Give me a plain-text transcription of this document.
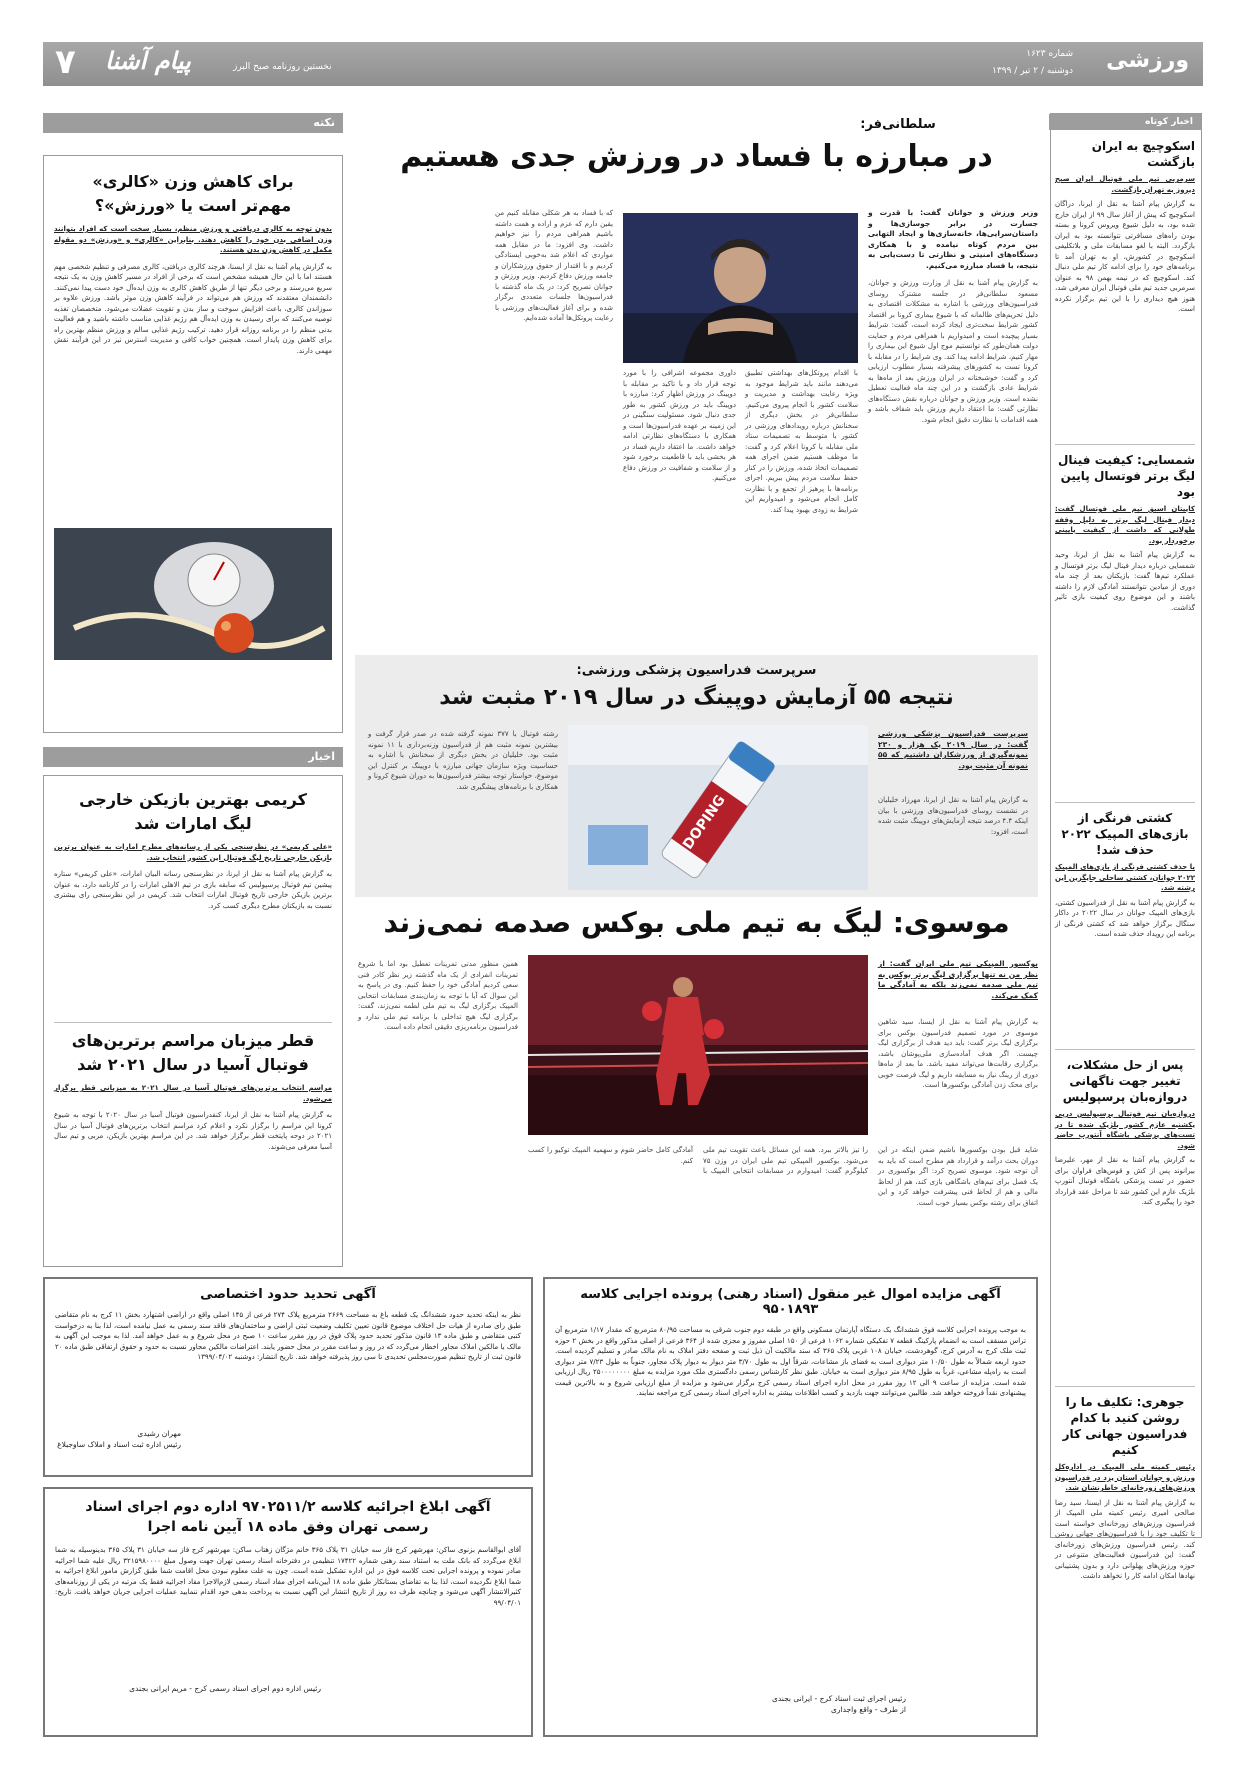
ورزشی
شماره ۱۶۲۳
دوشنبه / ۲ تیر / ۱۳۹۹
۷ پیام آشنا	نخستین روزنامه صبح البرز
اخبار کوتاه
اسکوچیچ به ایران بازگشت
سرمربی تیم ملی فوتبال ایران صبح دیروز به تهران بازگشت.
به گزارش پیام آشنا به نقل از ایرنا، دراگان اسکوچیچ که پیش از آغاز سال ۹۹ از ایران خارج شده بود، به دلیل شیوع ویروس کرونا و بسته بودن راه‌های مسافرتی نتوانسته بود به ایران بازگردد. البته با لغو مسابقات ملی و بلاتکلیفی اسکوچیچ در کشورش، او به تهران آمد تا برنامه‌های خود را برای ادامه کار تیم ملی دنبال کند. اسکوچیچ که در نیمه بهمن ۹۸ به عنوان سرمربی جدید تیم ملی فوتبال ایران معرفی شد، هنوز هیچ دیداری را با این تیم برگزار نکرده است.
شمسایی: کیفیت فینال لیگ برتر فوتسال پایین بود
کاپیتان اسبق تیم ملی فوتسال گفت: دیدار فینال لیگ برتر به دلیل وقفه طولانی که داشت از کیفیت پایینی برخوردار بود.
به گزارش پیام آشنا به نقل از ایرنا، وحید شمسایی درباره دیدار فینال لیگ برتر فوتسال و عملکرد تیم‌ها گفت: بازیکنان بعد از چند ماه دوری از میادین نتوانستند آمادگی لازم را داشته باشند و این موضوع روی کیفیت بازی تاثیر گذاشت.
کشتی فرنگی از بازی‌های المپیک ۲۰۲۲ حذف شد!
با حذف کشتی فرنگی از بازی‌های المپیک ۲۰۲۲ جوانان، کشتی ساحلی جایگزین این رشته شد.
به گزارش پیام آشنا به نقل از فدراسیون کشتی، بازی‌های المپیک جوانان در سال ۲۰۲۲ در داکار سنگال برگزار خواهد شد که کشتی فرنگی از برنامه این رویداد حذف شده است.
پس از حل مشکلات، تغییر جهت ناگهانی دروازه‌بان پرسپولیس
دروازه‌بان تیم فوتبال پرسپولیس درپی یکشنبه عازم کشور بلژیک شده تا در تست‌های پزشکی باشگاه آنتورپ حاضر شود.
به گزارش پیام آشنا به نقل از مهر، علیرضا بیرانوند پس از کش و قوس‌های فراوان برای حضور در تست پزشکی باشگاه فوتبال آنتورپ بلژیک عازم این کشور شد تا مراحل عقد قرارداد خود را پیگیری کند.
جوهری: تکلیف ما را روشن کنید با کدام فدراسیون جهانی کار کنیم
رئیس کمیته ملی المپیک در اداره‌کل ورزش و جوانان استان یزد در فدراسیون ورزش‌های زورخانه‌ای خاطرنشان شد.
به گزارش پیام آشنا به نقل از ایسنا، سید رضا صالحی امیری رئیس کمیته ملی المپیک از فدراسیون ورزش‌های زورخانه‌ای خواسته است تا تکلیف خود را با فدراسیون‌های جهانی روشن کند. رئیس فدراسیون ورزش‌های زورخانه‌ای گفت: این فدراسیون فعالیت‌های متنوعی در حوزه ورزش‌های پهلوانی دارد و بدون پشتیبانی نهادها امکان ادامه کار را نخواهد داشت.
سلطانی‌فر:
در مبارزه با فساد در ورزش جدی هستیم
وزیر ورزش و جوانان گفت: با قدرت و جسارت در برابر جوسازی‌ها و داستان‌سرایی‌ها، خانه‌سازی‌ها و ایجاد التهابی بین مردم کوتاه نیامده و با همکاری دستگاه‌های امنیتی و نظارتی تا دست‌یابی به نتیجه، با فساد مبارزه می‌کنیم.
به گزارش پیام آشنا به نقل از وزارت ورزش و جوانان، مسعود سلطانی‌فر در جلسه مشترک روسای فدراسیون‌های ورزشی با اشاره به مشکلات اقتصادی به دلیل تحریم‌های ظالمانه که با شیوع بیماری کرونا بر اقتصاد کشور شرایط سخت‌تری ایجاد کرده است، گفت: شرایط بسیار پیچیده است و امیدواریم با همراهی مردم و حمایت دولت همان‌طور که توانستیم موج اول شیوع این بیماری را مهار کنیم، شرایط ادامه پیدا کند. وی شرایط را در مقابله با کرونا تست به کشورهای پیشرفته بسیار مطلوب ارزیابی کرد و گفت: خوشبختانه در ایران ورزش بعد از ماه‌ها به شرایط عادی بازگشت و در این چند ماه فعالیت تعطیل نشده است. وزیر ورزش و جوانان درباره نقش دستگاه‌های نظارتی گفت: ما اعتقاد داریم ورزش باید شفاف باشد و همه اقدامات با نظارت دقیق انجام شود.
با اقدام پروتکل‌های بهداشتی تطبیق می‌دهند مانند باید شرایط موجود به ویژه رعایت بهداشت و مدیریت و سلامت کشور با انجام پیروی می‌کنیم. سلطانی‌فر در بخش دیگری از سخنانش درباره رویدادهای ورزشی در کشور با متوسط به تصمیمات ستاد ملی مقابله با کرونا اعلام کرد و گفت: ما موظف هستیم ضمن اجرای همه تصمیمات اتخاذ شده، ورزش را در کنار حفظ سلامت مردم پیش ببریم. اجرای برنامه‌ها با پرهیز از تجمع و با نظارت کامل انجام می‌شود و امیدواریم این شرایط به زودی بهبود پیدا کند.
داوری مجموعه اشرافی را با مورد توجه قرار داد و با تاکید بر مقابله با دوپینگ در ورزش اظهار کرد: مبارزه با دوپینگ باید در ورزش کشور به طور جدی دنبال شود. مسئولیت سنگینی در این زمینه بر عهده فدراسیون‌ها است و همکاری با دستگاه‌های نظارتی ادامه خواهد داشت. ما اعتقاد داریم فساد در هر بخشی باید با قاطعیت برخورد شود و از سلامت و شفافیت در ورزش دفاع می‌کنیم.
که با فساد به هر شکلی مقابله کنیم من یقین دارم که عزم و اراده و همت داشته باشیم همراهی مردم را نیز خواهیم داشت. وی افزود: ما در مقابل همه مواردی که اعلام شد به‌خوبی ایستادگی کردیم و با اقتدار از حقوق ورزشکاران و جامعه ورزش دفاع کردیم. وزیر ورزش و جوانان تصریح کرد: در یک ماه گذشته با فدراسیون‌ها جلسات متعددی برگزار شده و برای آغاز فعالیت‌های ورزشی با رعایت پروتکل‌ها آماده شده‌ایم.
سرپرست فدراسیون پزشکی ورزشی:
نتیجه ۵۵ آزمایش دوپینگ در سال ۲۰۱۹ مثبت شد
سرپرست فدراسیون پزشکی ورزشی گفت: در سال ۲۰۱۹ یک هزار و ۲۳۰ نمونه‌گیری از ورزشکاران داشتیم که ۵۵ نمونه آن مثبت بود.
به گزارش پیام آشنا به نقل از ایرنا، مهرزاد خلیلیان در نشست روسای فدراسیون‌های ورزشی با بیان اینکه ۴.۴ درصد نتیجه آزمایش‌های دوپینگ مثبت شده است، افزود:
DOPING
رشته فوتبال با ۳۷۷ نمونه گرفته شده در صدر قرار گرفت و بیشترین نمونه مثبت هم از فدراسیون وزنه‌برداری با ۱۱ نمونه مثبت بود. خلیلیان در بخش دیگری از سخنانش با اشاره به حساسیت ویژه سازمان جهانی مبارزه با دوپینگ بر کنترل این موضوع، خواستار توجه بیشتر فدراسیون‌ها به دوران شیوع کرونا و همکاری با برنامه‌های پیشگیری شد.
موسوی: لیگ به تیم ملی بوکس صدمه نمی‌زند
بوکسور المپیکی تیم ملی ایران گفت: از نظر من نه تنها برگزاری لیگ برتر بوکس به تیم ملی صدمه نمی‌زند بلکه به آمادگی ما کمک می‌کند.
به گزارش پیام آشنا به نقل از ایسنا، سید شاهین موسوی در مورد تصمیم فدراسیون بوکس برای برگزاری لیگ برتر گفت: باید دید هدف از برگزاری لیگ چیست. اگر هدف آماده‌سازی ملی‌پوشان باشد، برگزاری رقابت‌ها می‌تواند مفید باشد. ما بعد از ماه‌ها دوری از رینگ نیاز به مسابقه داریم و لیگ فرصت خوبی برای محک زدن آمادگی بوکسورها است.
همین منظور مدتی تمرینات تعطیل بود اما با شروع تمرینات انفرادی از یک ماه گذشته زیر نظر کادر فنی سعی کردیم آمادگی خود را حفظ کنیم. وی در پاسخ به این سوال که آیا با توجه به زمان‌بندی مسابقات انتخابی المپیک برگزاری لیگ به تیم ملی لطمه نمی‌زند، گفت: برگزاری لیگ هیچ تداخلی با برنامه تیم ملی ندارد و فدراسیون برنامه‌ریزی دقیقی انجام داده است.
شاید قبل بودن بوکسورها باشیم ضمن اینکه در این دوران بحث درآمد و قرارداد هم مطرح است که باید به آن توجه شود. موسوی تصریح کرد: اگر بوکسوری در یک فصل برای تیم‌های باشگاهی بازی کند، هم از لحاظ مالی و هم از لحاظ فنی پیشرفت خواهد کرد و این اتفاق برای رشته بوکس بسیار خوب است.
را تیز بالاتر ببرد. همه این مسائل باعث تقویت تیم ملی می‌شود. بوکسور المپیکی تیم ملی ایران در وزن ۷۵ کیلوگرم گفت: امیدوارم در مسابقات انتخابی المپیک با آمادگی کامل حاضر شوم و سهمیه المپیک توکیو را کسب کنم.
نکته
برای کاهش وزن «کالری» مهم‌تر است یا «ورزش»؟
بدون توجه به کالری دریافتی و ورزش منظم، بسیار سخت است که افراد بتوانند وزن اضافی بدن خود را کاهش دهند. بنابراین «کالری» و «ورزش» دو مقوله مکمل در کاهش وزن بدن هستند.
به گزارش پیام آشنا به نقل از ایسنا، هرچند کالری دریافتی، کالری مصرفی و تنظیم شخصی مهم هستند اما با این حال همیشه مشخص است که برخی از افراد در مسیر کاهش وزن به یک نتیجه سریع می‌رسند و برخی دیگر تنها از طریق کاهش کالری به وزن ایده‌آل خود دست پیدا نمی‌کنند. دانشمندان معتقدند که ورزش هم می‌تواند در فرآیند کاهش وزن موثر باشد. ورزش علاوه بر سوزاندن کالری، باعث افزایش سوخت و ساز بدن و تقویت عضلات می‌شود. متخصصان تغذیه توصیه می‌کنند که برای رسیدن به وزن ایده‌آل هم رژیم غذایی مناسب داشته باشید و هم فعالیت بدنی منظم را در برنامه روزانه قرار دهید. ترکیب رژیم غذایی سالم و ورزش منظم بهترین راه برای کاهش وزن پایدار است. همچنین خواب کافی و مدیریت استرس نیز در این فرآیند نقش مهمی دارند.
اخبار
کریمی بهترین بازیکن خارجی لیگ امارات شد
«علی کریمی» در نظرسنجی یکی از رسانه‌های مطرح امارات به عنوان برترین بازیکن خارجی تاریخ لیگ فوتبال این کشور انتخاب شد.
به گزارش پیام آشنا به نقل از ایرنا، در نظرسنجی رسانه البیان امارات، «علی کریمی» ستاره پیشین تیم فوتبال پرسپولیس که سابقه بازی در تیم الاهلی امارات را در کارنامه دارد، به عنوان برترین بازیکن خارجی تاریخ فوتبال امارات انتخاب شد. کریمی در این نظرسنجی رای بیشتری نسبت به بازیکنان مطرح دیگری کسب کرد.
قطر میزبان مراسم برترین‌های فوتبال آسیا در سال ۲۰۲۱ شد
مراسم انتخاب برترین‌های فوتبال آسیا در سال ۲۰۲۱ به میزبانی قطر برگزار می‌شود.
به گزارش پیام آشنا به نقل از ایرنا، کنفدراسیون فوتبال آسیا در سال ۲۰۲۰ با توجه به شیوع کرونا این مراسم را برگزار نکرد و اعلام کرد مراسم انتخاب برترین‌های فوتبال آسیا در سال ۲۰۲۱ در دوحه پایتخت قطر برگزار خواهد شد. در این مراسم بهترین بازیکن، مربی و تیم سال آسیا معرفی می‌شوند.
آگهی مزایده اموال غیر منقول (اسناد رهنی) پرونده اجرایی کلاسه ۹۵۰۱۸۹۳
به موجب پرونده اجرایی کلاسه فوق ششدانگ یک دستگاه آپارتمان مسکونی واقع در طبقه دوم جنوب شرقی به مساحت ۸۰/۹۵ مترمربع که مقدار ۱/۱۷ مترمربع آن تراس مسقف است به انضمام پارکینگ قطعه ۷ تفکیکی شماره ۱۰۶۲ فرعی از ۱۵۰ اصلی مفروز و مجزی شده از ۳۶۴ فرعی از اصلی مذکور واقع در بخش ۲ حوزه ثبت ملک کرج به آدرس کرج، گوهردشت، خیابان ۱۰۸ غربی پلاک ۳۶۵ که سند مالکیت آن ذیل ثبت و صفحه دفتر املاک به نام مالک صادر و تسلیم گردیده است. حدود اربعه شمالاً به طول ۱۰/۵۰ متر دیواری است به فضای باز مشاعات، شرقاً اول به طول ۳/۷۰ متر دیوار به دیوار پلاک مجاور، جنوباً به طول ۷/۲۳ متر دیواری است به راه‌پله مشاعی، غرباً به طول ۸/۹۵ متر دیواری است به خیابان. طبق نظر کارشناس رسمی دادگستری ملک مورد مزایده به مبلغ ۲۵۰۰۰۰۰۰۰۰ ریال ارزیابی شده است. مزایده از ساعت ۹ الی ۱۲ روز مقرر در محل اداره اجرای اسناد رسمی کرج برگزار می‌شود و مزایده از مبلغ ارزیابی شروع و به بالاترین قیمت پیشنهادی نقداً فروخته خواهد شد. طالبین می‌توانند جهت بازدید و کسب اطلاعات بیشتر به اداره اجرای اسناد رسمی کرج مراجعه نمایند.
رئیس اجرای ثبت اسناد کرج - ایرانی بجندی
از طرف - واقع واجداری
آگهی تحدید حدود اختصاصی
نظر به اینکه تحدید حدود ششدانگ یک قطعه باغ به مساحت ۲۶۶۹ مترمربع پلاک ۲۷۴ فرعی از ۱۴۵ اصلی واقع در اراضی اشتهارد بخش ۱۱ کرج به نام متقاضی طبق رای صادره از هیات حل اختلاف موضوع قانون تعیین تکلیف وضعیت ثبتی اراضی و ساختمان‌های فاقد سند رسمی به عمل نیامده است، لذا بنا به درخواست کتبی متقاضی و طبق ماده ۱۳ قانون مذکور تحدید حدود پلاک فوق در روز مقرر ساعت ۱۰ صبح در محل شروع و به عمل خواهد آمد. لذا به موجب این آگهی به مالک یا مالکین املاک مجاور اخطار می‌گردد که در روز و ساعت مقرر در محل حضور یابند. اعتراضات مالکین مجاور نسبت به حدود و حقوق ارتفاقی طبق ماده ۲۰ قانون ثبت از تاریخ تنظیم صورت‌مجلس تحدیدی تا سی روز پذیرفته خواهد شد. تاریخ انتشار: دوشنبه ۱۳۹۹/۰۴/۰۲
مهران رشیدی
رئیس اداره ثبت اسناد و املاک ساوجبلاغ
آگهی ابلاغ اجرائیه کلاسه ۹۷۰۲۵۱۱/۲ اداره دوم اجرای اسناد رسمی تهران وفق ماده ۱۸ آیین نامه اجرا
آقای ابوالقاسم بزنوی ساکن: مهرشهر کرج فاز سه خیابان ۳۱ پلاک ۳۶۵ خانم مژگان زهتاب ساکن: مهرشهر کرج فاز سه خیابان ۳۱ پلاک ۳۶۵ بدینوسیله به شما ابلاغ می‌گردد که بانک ملت به استناد سند رهنی شماره ۱۷۴۲۲ تنظیمی در دفترخانه اسناد رسمی تهران جهت وصول مبلغ ۳۲۱۵۹۸۰۰۰۰ ریال علیه شما اجرائیه صادر نموده و پرونده اجرایی تحت کلاسه فوق در این اداره تشکیل شده است. چون به علت معلوم نبودن محل اقامت شما طبق گزارش مامور ابلاغ اجرائیه به شما ابلاغ نگردیده است، لذا بنا به تقاضای بستانکار طبق ماده ۱۸ آیین‌نامه اجرای مفاد اسناد رسمی لازم‌الاجرا مفاد اجرائیه فقط یک مرتبه در یکی از روزنامه‌های کثیرالانتشار آگهی می‌شود و چنانچه ظرف ده روز از تاریخ انتشار این آگهی نسبت به پرداخت بدهی خود اقدام ننمایید عملیات اجرایی جریان خواهد یافت. تاریخ: ۹۹/۰۴/۰۱
رئیس اداره دوم اجرای اسناد رسمی کرج - مریم ایرانی بجندی
